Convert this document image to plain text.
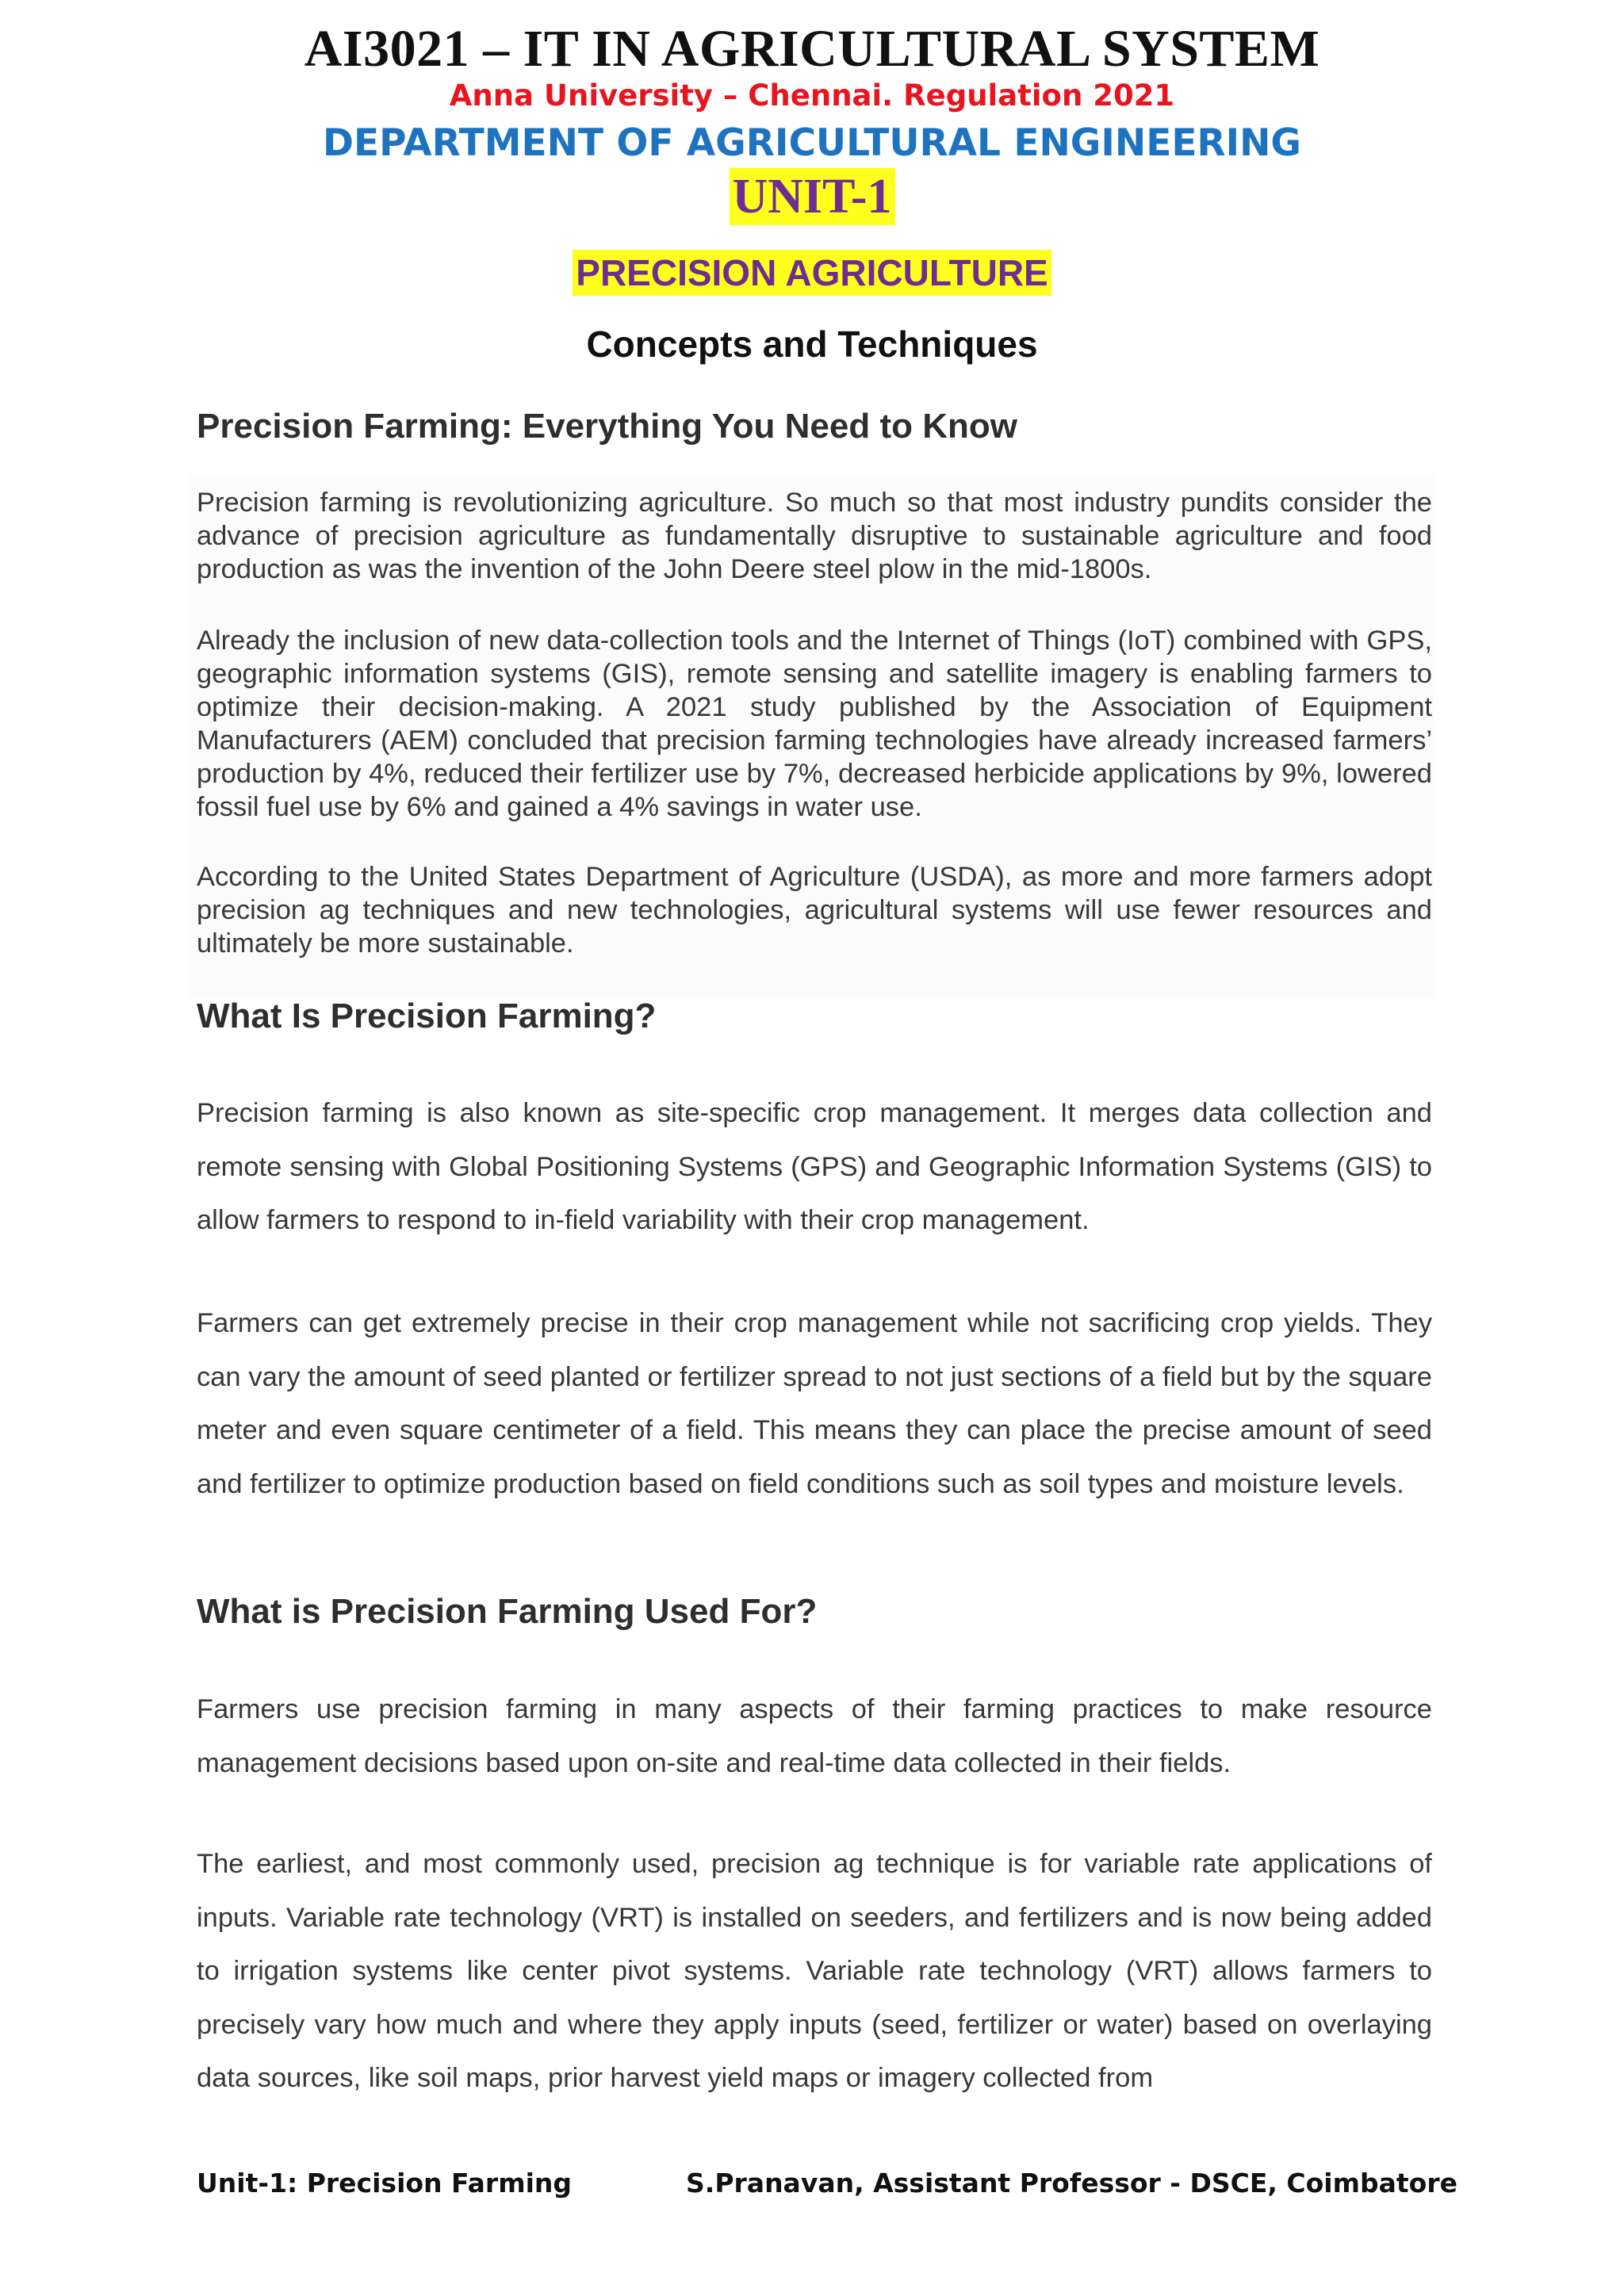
AI3021 – IT IN AGRICULTURAL SYSTEM
Anna University – Chennai. Regulation 2021
DEPARTMENT OF AGRICULTURAL ENGINEERING
UNIT-1
PRECISION AGRICULTURE
Concepts and Techniques
Precision Farming: Everything You Need to Know

Precision farming is revolutionizing agriculture. So much so that most industry pundits consider the advance of precision agriculture as fundamentally disruptive to sustainable agriculture and food production as was the invention of the John Deere steel plow in the mid-1800s.

Already the inclusion of new data-collection tools and the Internet of Things (IoT) combined with GPS, geographic information systems (GIS), remote sensing and satellite imagery is enabling farmers to optimize their decision-making. A 2021 study published by the Association of Equipment Manufacturers (AEM) concluded that precision farming technologies have already increased farmers’ production by 4%, reduced their fertilizer use by 7%, decreased herbicide applications by 9%, lowered fossil fuel use by 6% and gained a 4% savings in water use.

According to the United States Department of Agriculture (USDA), as more and more farmers adopt precision ag techniques and new technologies, agricultural systems will use fewer resources and ultimately be more sustainable.

What Is Precision Farming?

Precision farming is also known as site-specific crop management. It merges data collection and remote sensing with Global Positioning Systems (GPS) and Geographic Information Systems (GIS) to allow farmers to respond to in-field variability with their crop management.

Farmers can get extremely precise in their crop management while not sacrificing crop yields. They can vary the amount of seed planted or fertilizer spread to not just sections of a field but by the square meter and even square centimeter of a field. This means they can place the precise amount of seed and fertilizer to optimize production based on field conditions such as soil types and moisture levels.

What is Precision Farming Used For?

Farmers use precision farming in many aspects of their farming practices to make resource management decisions based upon on-site and real-time data collected in their fields.

The earliest, and most commonly used, precision ag technique is for variable rate applications of inputs. Variable rate technology (VRT) is installed on seeders, and fertilizers and is now being added to irrigation systems like center pivot systems. Variable rate technology (VRT) allows farmers to precisely vary how much and where they apply inputs (seed, fertilizer or water) based on overlaying data sources, like soil maps, prior harvest yield maps or imagery collected from

Unit-1: Precision Farming	S.Pranavan, Assistant Professor - DSCE, Coimbatore
